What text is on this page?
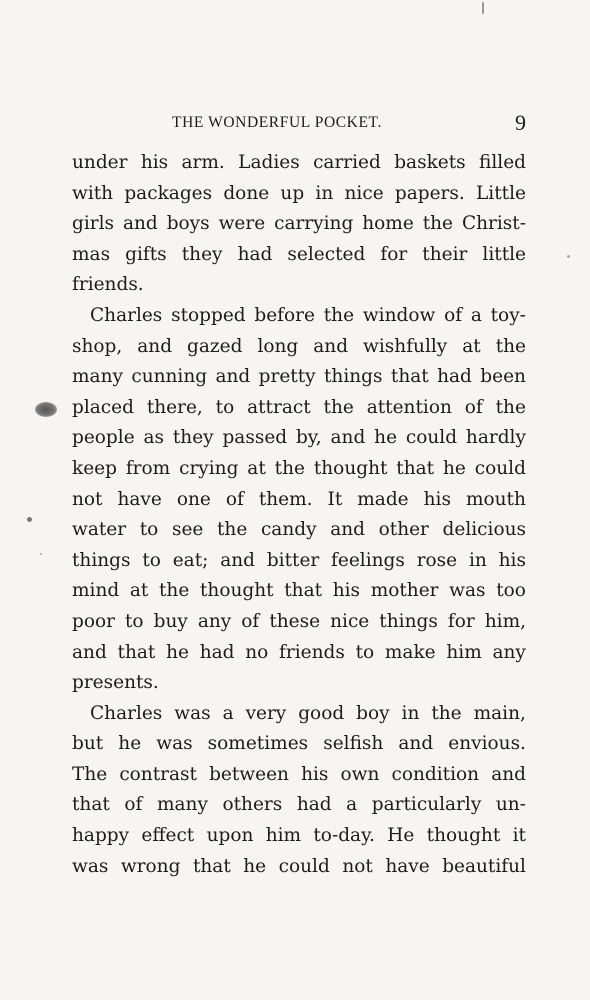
THE WONDERFUL POCKET.	9
under his arm. Ladies carried baskets filled
with packages done up in nice papers. Little
girls and boys were carrying home the Christ-
mas gifts they had selected for their little
friends.
Charles stopped before the window of a toy-
shop, and gazed long and wishfully at the
many cunning and pretty things that had been
placed there, to attract the attention of the
people as they passed by, and he could hardly
keep from crying at the thought that he could
not have one of them. It made his mouth
water to see the candy and other delicious
things to eat; and bitter feelings rose in his
mind at the thought that his mother was too
poor to buy any of these nice things for him,
and that he had no friends to make him any
presents.
Charles was a very good boy in the main,
but he was sometimes selfish and envious.
The contrast between his own condition and
that of many others had a particularly un-
happy effect upon him to-day. He thought it
was wrong that he could not have beautiful
